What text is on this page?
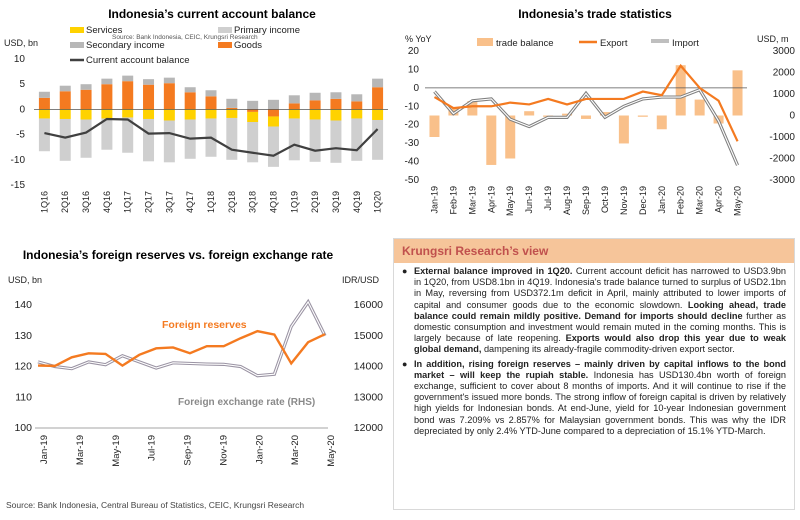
Indonesia’s current account balance
USD, bn
Source: Bank Indonesia, CEIC, Krungsri Research
Services	Primary income
Secondary income	Goods
Current account balance
10
5
0
-5
-10
-15
1Q16 2Q16 3Q16 4Q16 1Q17 2Q17 3Q17 4Q17 1Q18 2Q18 3Q18 4Q18 1Q19 2Q19 3Q19 4Q19 1Q20
Indonesia’s trade statistics
% YoY	USD, m
trade balance	Export	Import
20
10
0
-10
-20
-30
-40
-50
3000
2000
1000
0
-1000
-2000
-3000
Jan-19 Feb-19 Mar-19 Apr-19 May-19 Jun-19 Jul-19 Aug-19 Sep-19 Oct-19 Nov-19 Dec-19 Jan-20 Feb-20 Mar-20 Apr-20 May-20
Indonesia’s foreign reserves vs. foreign exchange rate
USD, bn	IDR/USD
140
130
120
110
100
16000
15000
14000
13000
12000
Jan-19	Mar-19	May-19	Jul-19	Sep-19	Nov-19	Jan-20	Mar-20	May-20
Foreign reserves
Foreign exchange rate (RHS)
Krungsri Research’s view
● External balance improved in 1Q20. Current account deficit has narrowed to USD3.9bn in 1Q20, from USD8.1bn in 4Q19. Indonesia's trade balance turned to surplus of USD2.1bn in May, reversing from USD372.1m deficit in April, mainly attributed to lower imports of capital and consumer goods due to the economic slowdown. Looking ahead, trade balance could remain mildly positive. Demand for imports should decline further as domestic consumption and investment would remain muted in the coming months. This is largely because of late reopening. Exports would also drop this year due to weak global demand, dampening its already-fragile commodity-driven export sector.
● In addition, rising foreign reserves – mainly driven by capital inflows to the bond market – will keep the rupiah stable. Indonesia has USD130.4bn worth of foreign exchange, sufficient to cover about 8 months of imports. And it will continue to rise if the government's issued more bonds. The strong inflow of foreign capital is driven by relatively high yields for Indonesian bonds. At end-June, yield for 10-year Indonesian government bond was 7.209% vs 2.857% for Malaysian government bonds. This was why the IDR depreciated by only 2.4% YTD-June compared to a depreciation of 15.1% YTD-March.
Source: Bank Indonesia, Central Bureau of Statistics, CEIC, Krungsri Research
